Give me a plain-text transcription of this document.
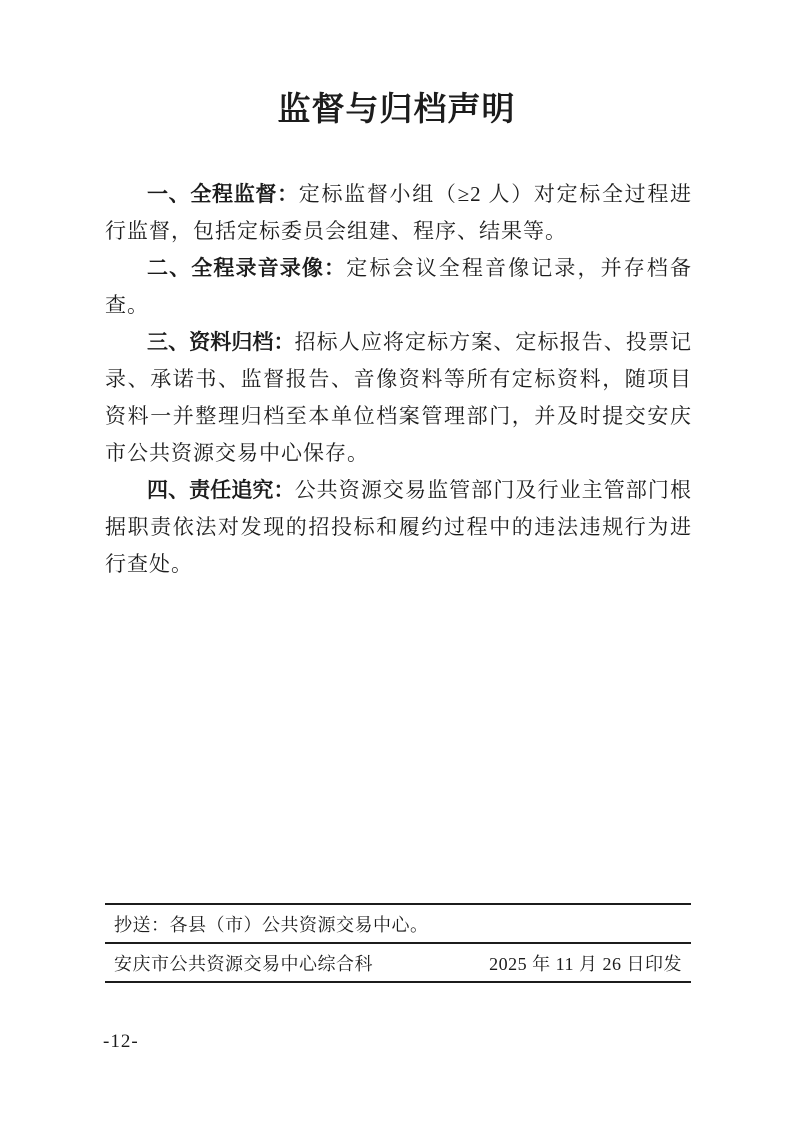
监督与归档声明

一、全程监督：定标监督小组（≥2 人）对定标全过程进行监督，包括定标委员会组建、程序、结果等。

二、全程录音录像：定标会议全程音像记录，并存档备查。

三、资料归档：招标人应将定标方案、定标报告、投票记录、承诺书、监督报告、音像资料等所有定标资料，随项目资料一并整理归档至本单位档案管理部门，并及时提交安庆市公共资源交易中心保存。

四、责任追究：公共资源交易监管部门及行业主管部门根据职责依法对发现的招投标和履约过程中的违法违规行为进行查处。

抄送：各县（市）公共资源交易中心。
安庆市公共资源交易中心综合科	2025 年 11 月 26 日印发
-12-
